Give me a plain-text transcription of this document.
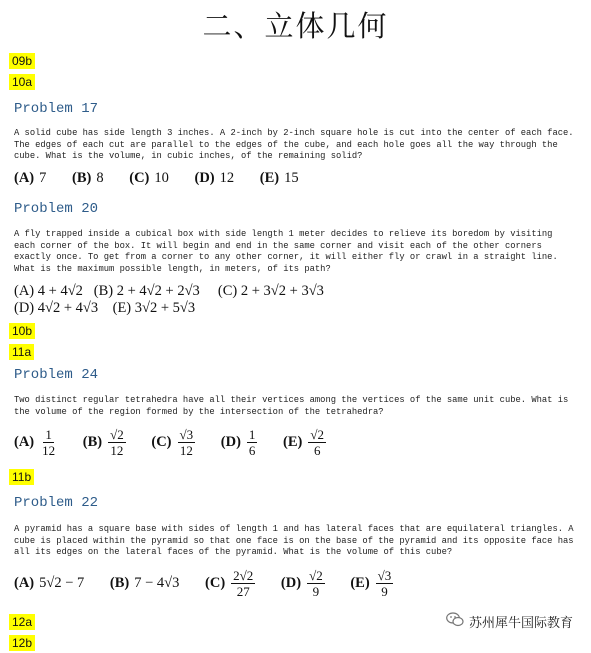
二、立体几何
09b
10a
Problem 17
A solid cube has side length 3 inches. A 2-inch by 2-inch square hole is cut into the center of each face. The edges of each cut are parallel to the edges of the cube, and each hole goes all the way through the cube. What is the volume, in cubic inches, of the remaining solid?
(A) 7 (B) 8 (C) 10 (D) 12 (E) 15
Problem 20
A fly trapped inside a cubical box with side length 1 meter decides to relieve its boredom by visiting each corner of the box. It will begin and end in the same corner and visit each of the other corners exactly once. To get from a corner to any other corner, it will either fly or crawl in a straight line. What is the maximum possible length, in meters, of its path?
(A) 4 + 4√2 (B) 2 + 4√2 + 2√3 (C) 2 + 3√2 + 3√3
(D) 4√2 + 4√3 (E) 3√2 + 5√3
10b
11a
Problem 24
Two distinct regular tetrahedra have all their vertices among the vertices of the same unit cube. What is the volume of the region formed by the intersection of the tetrahedra?
$(A) \frac{1}{12} (B) \frac{√2}{12} (C) \frac{√3}{12} (D) \frac{1}{6} (E) \frac{√2}{6}$
11b
Problem 22
A pyramid has a square base with sides of length 1 and has lateral faces that are equilateral triangles. A cube is placed within the pyramid so that one face is on the base of the pyramid and its opposite face has all its edges on the lateral faces of the pyramid. What is the volume of this cube?
(A) 5√2 − 7 (B) 7 − 4√3 $(C) \frac{2√2}{27} (D) \frac{√2}{9} (E) \frac{√3}{9}$
12a
12b
苏州犀牛国际教育
